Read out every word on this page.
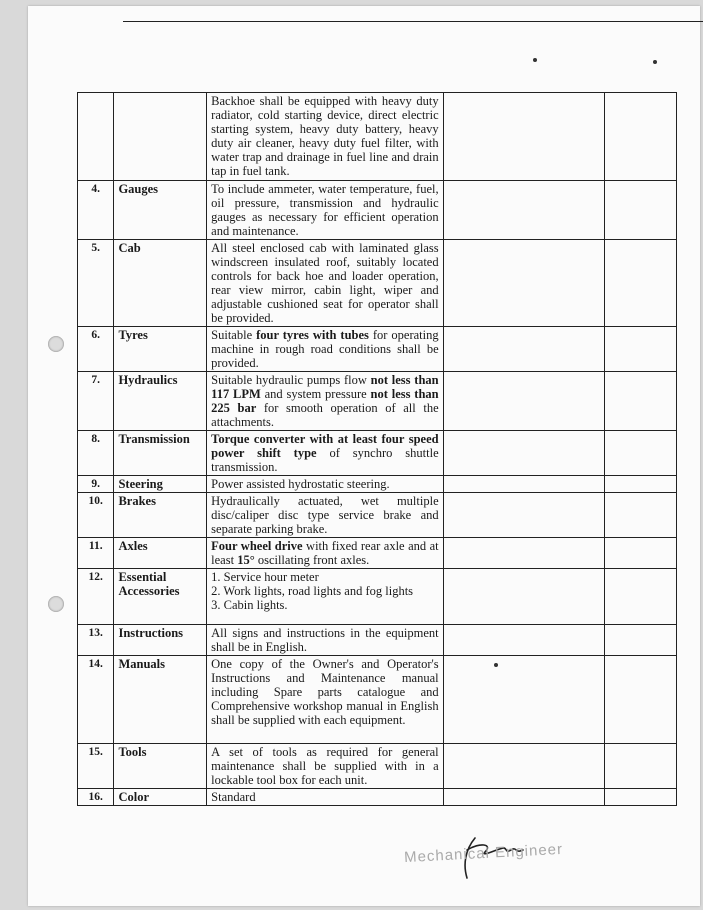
		Backhoe shall be equipped with heavy duty radiator, cold starting device, direct electric starting system, heavy duty battery, heavy duty air cleaner, heavy duty fuel filter, with water trap and drainage in fuel line and drain tap in fuel tank.		
4.	Gauges	To include ammeter, water temperature, fuel, oil pressure, transmission and hydraulic gauges as necessary for efficient operation and maintenance.		
5.	Cab	All steel enclosed cab with laminated glass windscreen insulated roof, suitably located controls for back hoe and loader operation, rear view mirror, cabin light, wiper and adjustable cushioned seat for operator shall be provided.		
6.	Tyres	Suitable four tyres with tubes for operating machine in rough road conditions shall be provided.		
7.	Hydraulics	Suitable hydraulic pumps flow not less than 117 LPM and system pressure not less than 225 bar for smooth operation of all the attachments.		
8.	Transmission	Torque converter with at least four speed power shift type of synchro shuttle transmission.		
9.	Steering	Power assisted hydrostatic steering.		
10.	Brakes	Hydraulically actuated, wet multiple disc/caliper disc type service brake and separate parking brake.		
11.	Axles	Four wheel drive with fixed rear axle and at least 15° oscillating front axles.		
12.	Essential Accessories	1. Service hour meter
2. Work lights, road lights and fog lights
3. Cabin lights.		

13.	Instructions	All signs and instructions in the equipment shall be in English.		
14.	Manuals	One copy of the Owner's and Operator's Instructions and Maintenance manual including Spare parts catalogue and Comprehensive workshop manual in English shall be supplied with each equipment.		
15.	Tools	A set of tools as required for general maintenance shall be supplied with in a lockable tool box for each unit.		
16.	Color	Standard		
Mechanical Engineer
